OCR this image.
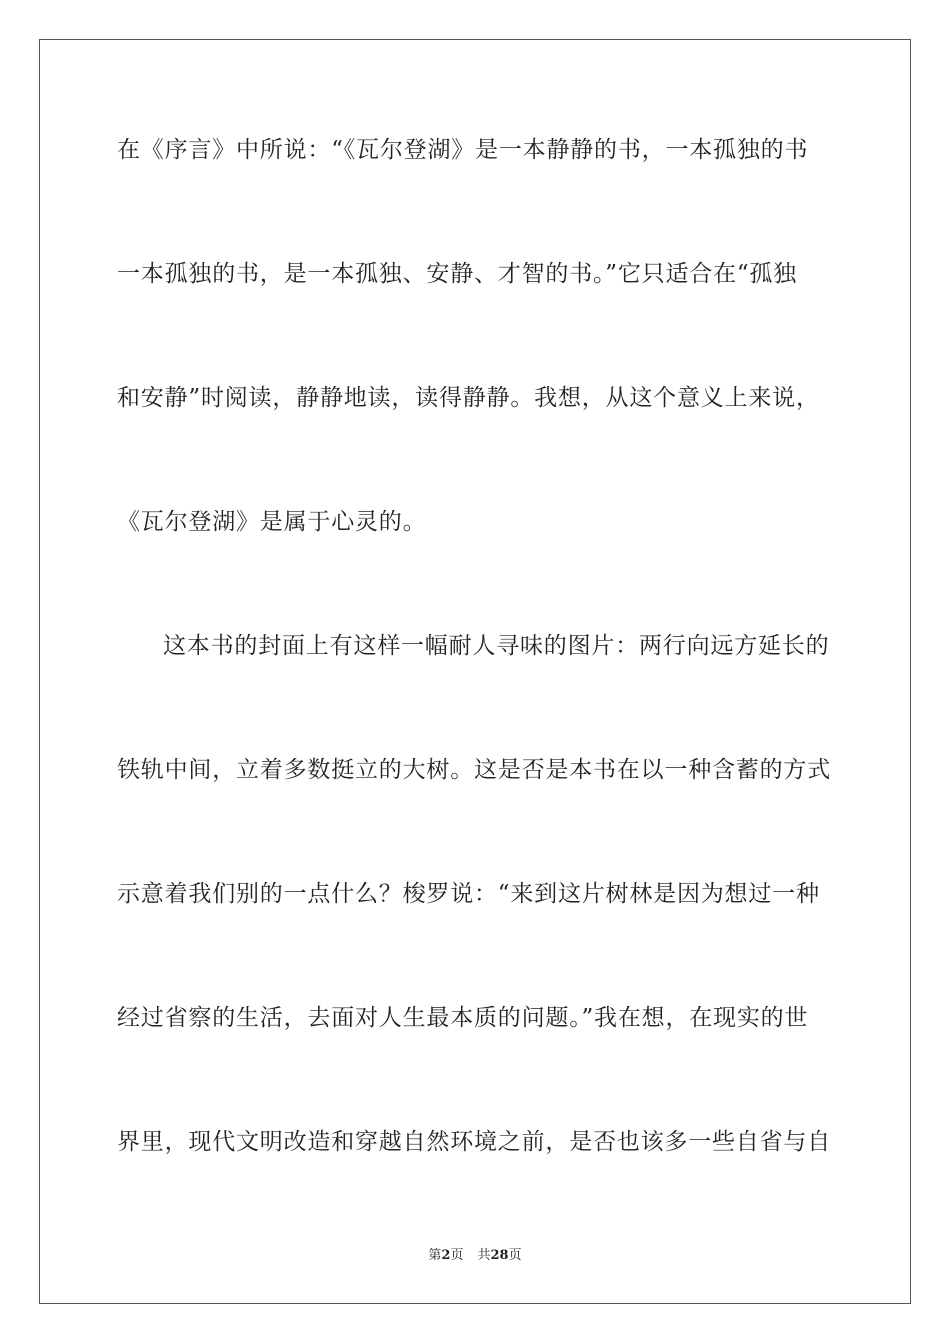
在《序言》中所说：“《瓦尔登湖》是一本静静的书，一本孤独的书
一本孤独的书，是一本孤独、安静、才智的书。”它只适合在“孤独
和安静”时阅读，静静地读，读得静静。我想，从这个意义上来说，
《瓦尔登湖》是属于心灵的。
这本书的封面上有这样一幅耐人寻味的图片：两行向远方延长的
铁轨中间，立着多数挺立的大树。这是否是本书在以一种含蓄的方式
示意着我们别的一点什么？梭罗说：“来到这片树林是因为想过一种
经过省察的生活，去面对人生最本质的问题。”我在想，在现实的世
界里，现代文明改造和穿越自然环境之前，是否也该多一些自省与自
第2页 共28页
